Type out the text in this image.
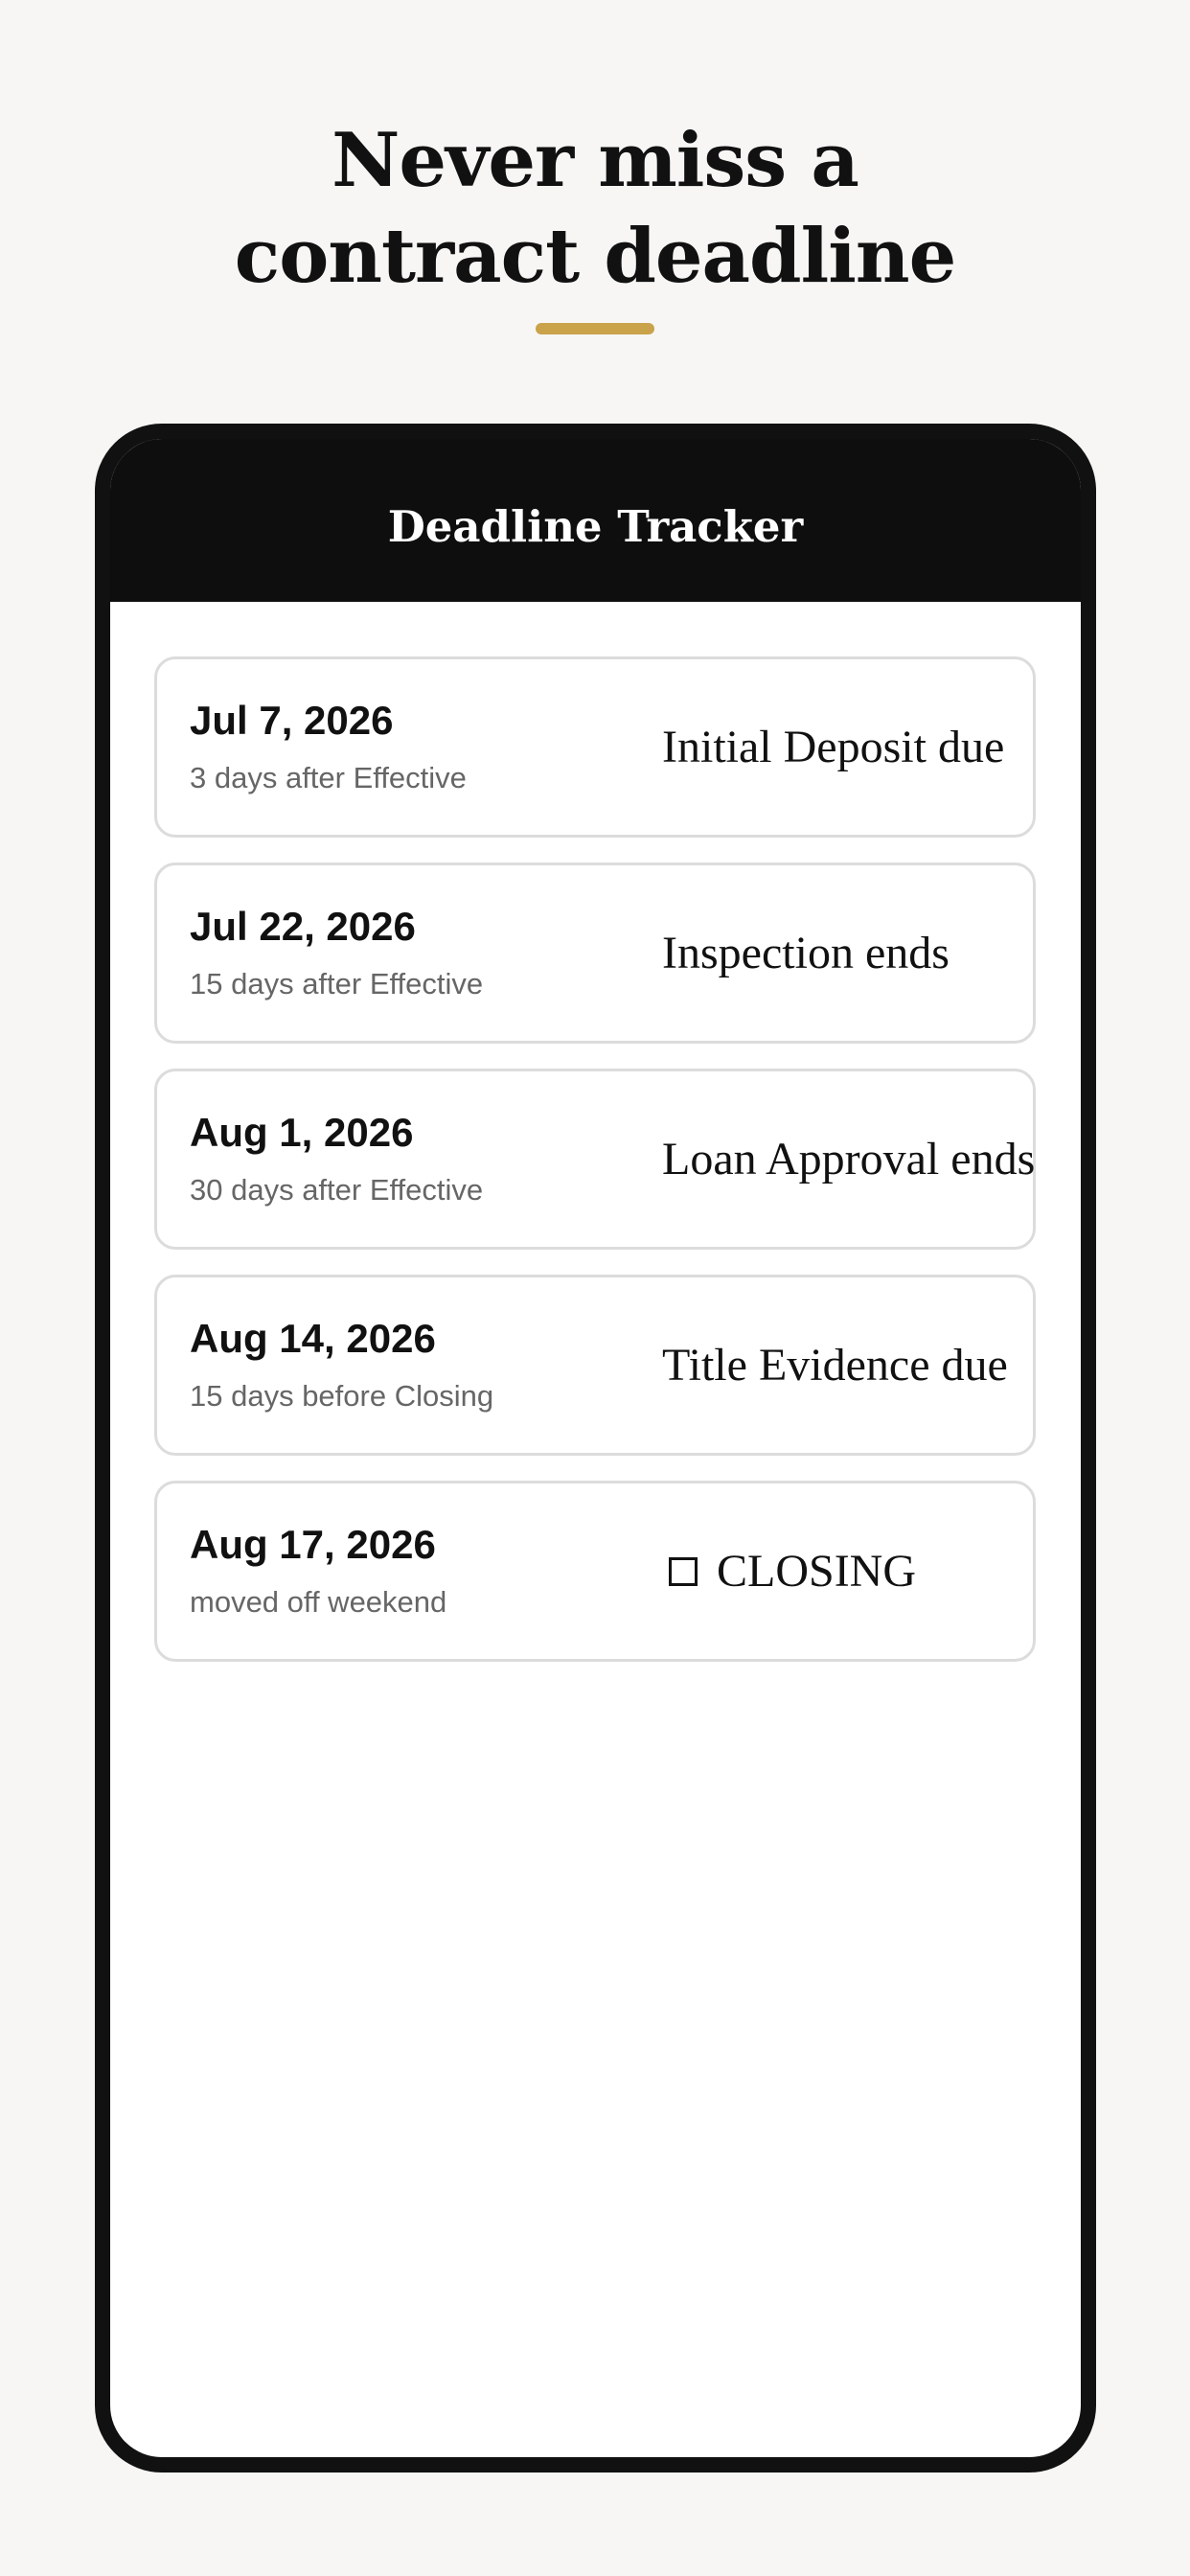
Never miss a
contract deadline
Deadline Tracker
Jul 7, 2026
3 days after Effective
Initial Deposit due
Jul 22, 2026
15 days after Effective
Inspection ends
Aug 1, 2026
30 days after Effective
Loan Approval ends
Aug 14, 2026
15 days before Closing
Title Evidence due
Aug 17, 2026
moved off weekend
CLOSING
